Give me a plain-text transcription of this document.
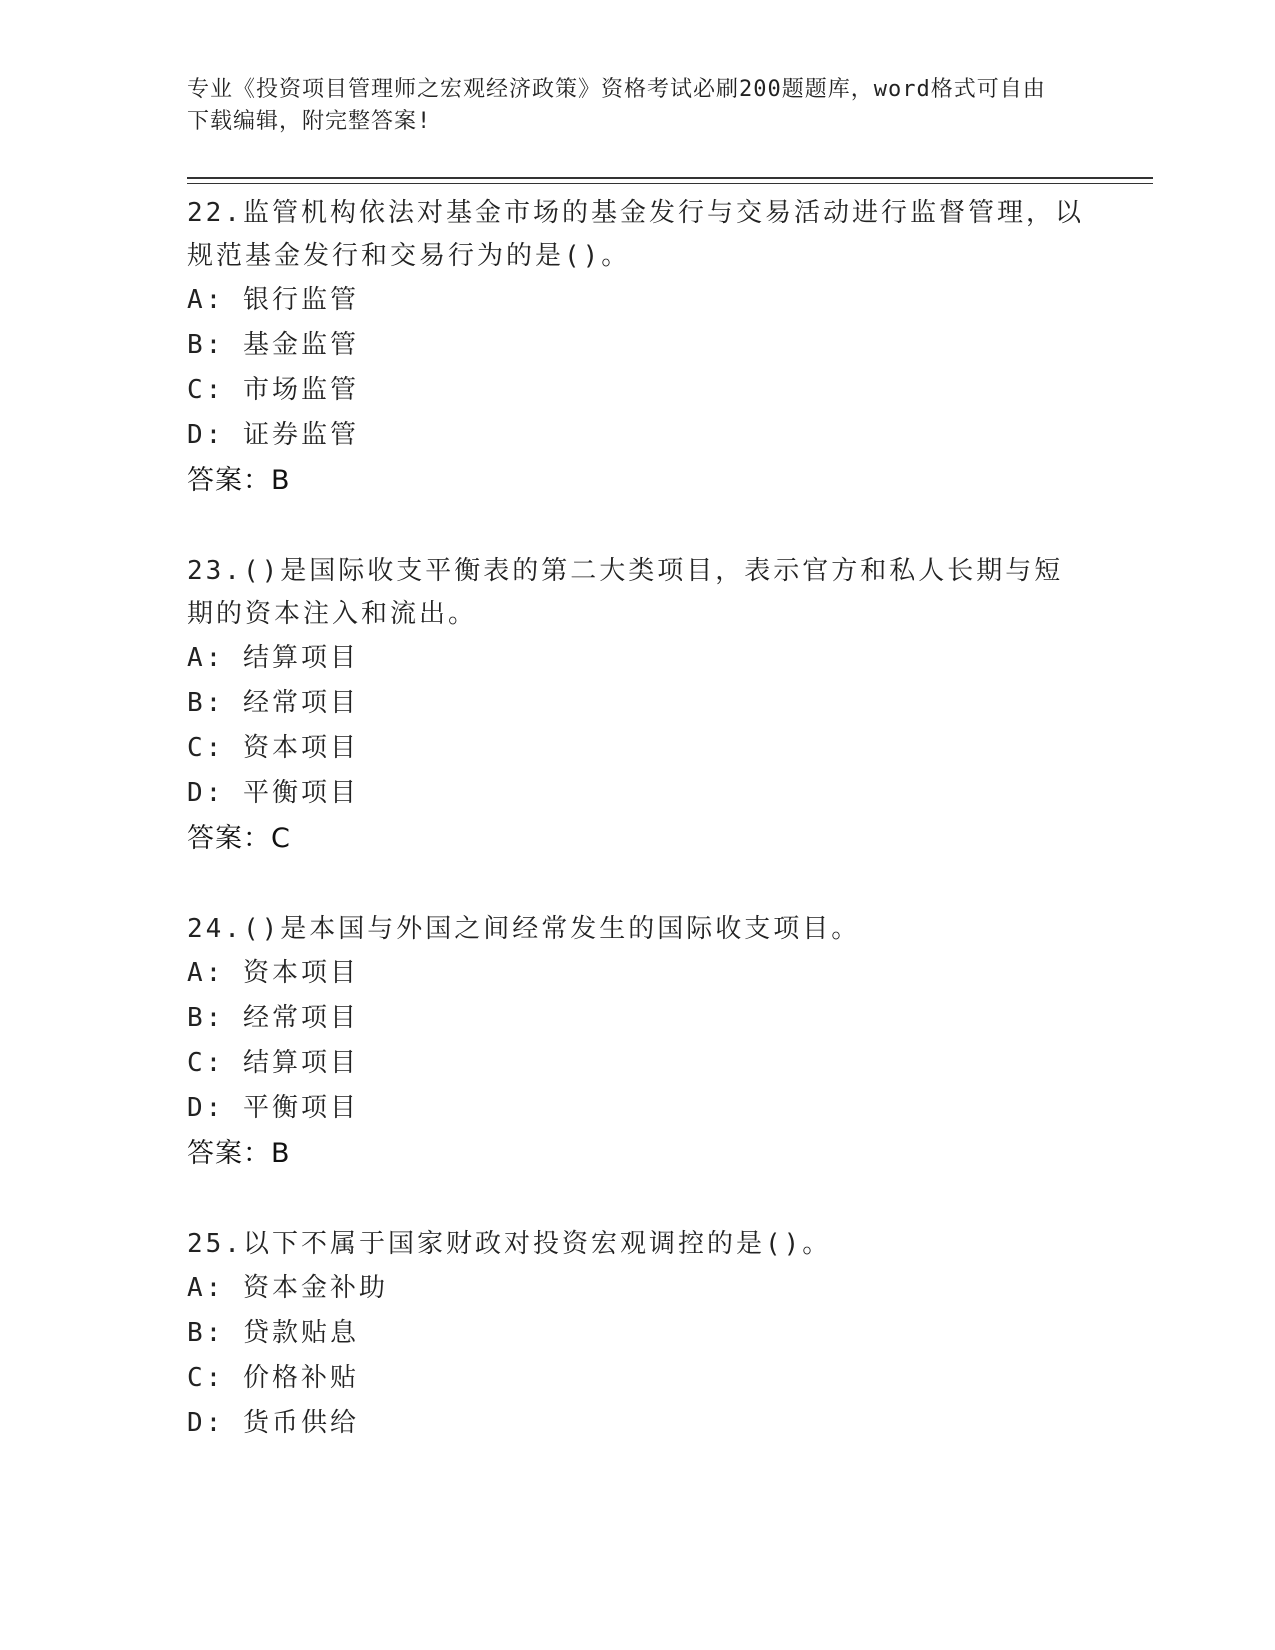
专业《投资项目管理师之宏观经济政策》资格考试必刷200题题库，word格式可自由下载编辑，附完整答案!

22.监管机构依法对基金市场的基金发行与交易活动进行监督管理，以规范基金发行和交易行为的是()。

A: 银行监管

B: 基金监管

C: 市场监管

D: 证券监管

答案：B

23.()是国际收支平衡表的第二大类项目，表示官方和私人长期与短期的资本注入和流出。

A: 结算项目

B: 经常项目

C: 资本项目

D: 平衡项目

答案：C

24.()是本国与外国之间经常发生的国际收支项目。

A: 资本项目

B: 经常项目

C: 结算项目

D: 平衡项目

答案：B

25.以下不属于国家财政对投资宏观调控的是()。

A: 资本金补助

B: 贷款贴息

C: 价格补贴

D: 货币供给
